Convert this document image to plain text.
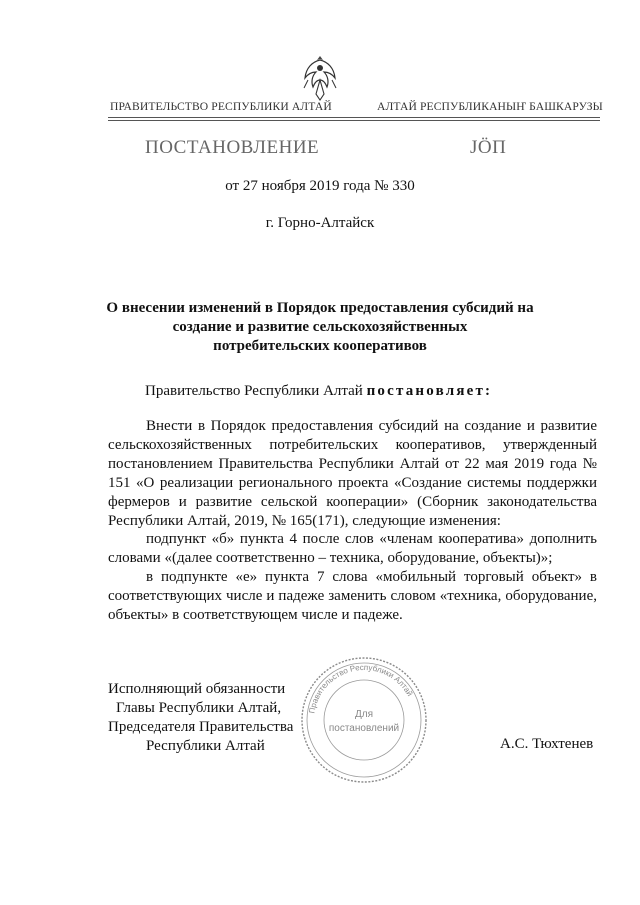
ПРАВИТЕЛЬСТВО РЕСПУБЛИКИ АЛТАЙ	АЛТАЙ РЕСПУБЛИКАНЫҤ БАШКАРУЗЫ
ПОСТАНОВЛЕНИЕ	ЈӦП
от 27 ноября 2019 года № 330
г. Горно-Алтайск
О внесении изменений в Порядок предоставления субсидий на
создание и развитие сельскохозяйственных
потребительских кооперативов
Правительство Республики Алтай постановляет:

Внести в Порядок предоставления субсидий на создание и развитие сельскохозяйственных потребительских кооперативов, утвержденный постановлением Правительства Республики Алтай от 22 мая 2019 года № 151 «О реализации регионального проекта «Создание системы поддержки фермеров и развитие сельской кооперации» (Сборник законодательства Республики Алтай, 2019, № 165(171), следующие изменения:

подпункт «б» пункта 4 после слов «членам кооператива» дополнить словами «(далее соответственно – техника, оборудование, объекты)»;

в подпункте «е» пункта 7 слова «мобильный торговый объект» в соответствующих числе и падеже заменить словом «техника, оборудование, объекты» в соответствующем числе и падеже.

Исполняющий обязанности
Главы Республики Алтай,
Председателя Правительства
Республики Алтай	А.С. Тюхтенев
Правительство Республики Алтай
Для
постановлений
